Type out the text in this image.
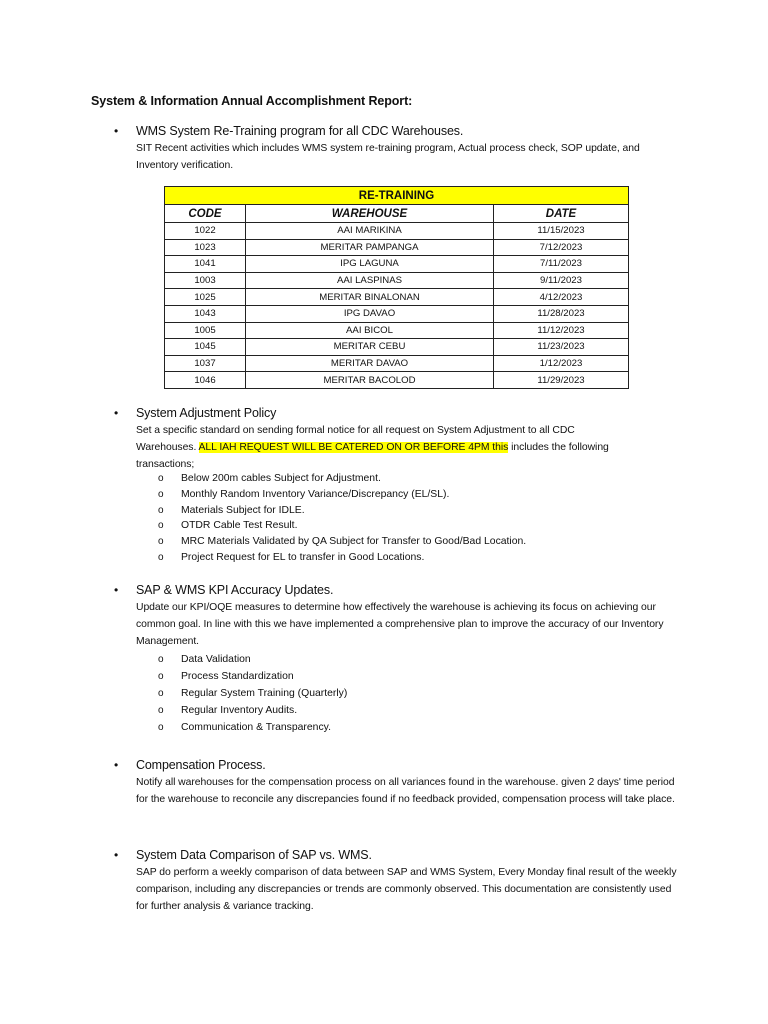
System & Information Annual Accomplishment Report:
• WMS System Re-Training program for all CDC Warehouses.
SIT Recent activities which includes WMS system re-training program, Actual process check, SOP update, and Inventory verification.
RE-TRAINING		
CODE	WAREHOUSE	DATE
1022	AAI MARIKINA	11/15/2023
1023	MERITAR PAMPANGA	7/12/2023
1041	IPG LAGUNA	7/11/2023
1003	AAI LASPINAS	9/11/2023
1025	MERITAR BINALONAN	4/12/2023
1043	IPG DAVAO	11/28/2023
1005	AAI BICOL	11/12/2023
1045	MERITAR CEBU	11/23/2023
1037	MERITAR DAVAO	1/12/2023
1046	MERITAR BACOLOD	11/29/2023
• System Adjustment Policy
Set a specific standard on sending formal notice for all request on System Adjustment to all CDC Warehouses. ALL IAH REQUEST WILL BE CATERED ON OR BEFORE 4PM this includes the following transactions;
o Below 200m cables Subject for Adjustment.
o Monthly Random Inventory Variance/Discrepancy (EL/SL).
o Materials Subject for IDLE.
o OTDR Cable Test Result.
o MRC Materials Validated by QA Subject for Transfer to Good/Bad Location.
o Project Request for EL to transfer in Good Locations.
• SAP & WMS KPI Accuracy Updates.
Update our KPI/OQE measures to determine how effectively the warehouse is achieving its focus on achieving our common goal. In line with this we have implemented a comprehensive plan to improve the accuracy of our Inventory Management.
o Data Validation
o Process Standardization
o Regular System Training (Quarterly)
o Regular Inventory Audits.
o Communication & Transparency.
• Compensation Process.
Notify all warehouses for the compensation process on all variances found in the warehouse. given 2 days' time period for the warehouse to reconcile any discrepancies found if no feedback provided, compensation process will take place.
• System Data Comparison of SAP vs. WMS.
SAP do perform a weekly comparison of data between SAP and WMS System, Every Monday final result of the weekly comparison, including any discrepancies or trends are commonly observed. This documentation are consistently used for further analysis & variance tracking.
